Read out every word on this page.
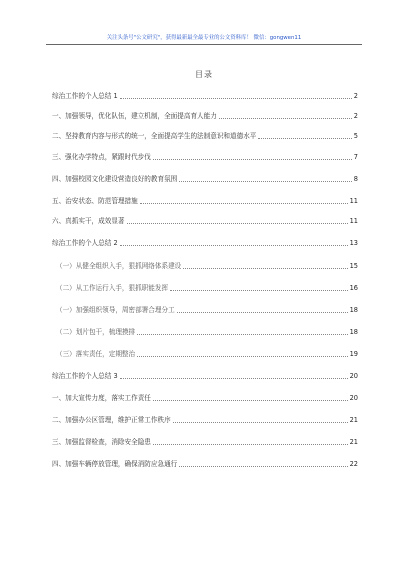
关注头条号"公文研究"，获得最新最全最专业的公文资料库！ 微信：gongwen11
目录
综治工作的个人总结 1	2
一、加强领导，优化队伍，建立机制，全面提高育人能力	2
二、坚持教育内容与形式的统一，全面提高学生的法制意识和道德水平	5
三、强化办学特点，紧跟时代步伐	7
四、加强校园文化建设营造良好的教育氛围	8
五、治安状态、防范管理措施	11
六、真抓实干，成效显著	11
综治工作的个人总结 2	13
（一）从健全组织入手，狠抓网络体系建设	15
（二）从工作运行入手，狠抓职能发挥	16
（一）加强组织领导，周密部署合理分工	18
（二）划片包干，梳理摸排	18
（三）落实责任，定期整治	19
综治工作的个人总结 3	20
一、加大宣传力度，落实工作责任	20
二、加强办公区管理，维护正常工作秩序	21
三、加强监督检查，消除安全隐患	21
四、加强车辆停放管理，确保消防应急通行	22
